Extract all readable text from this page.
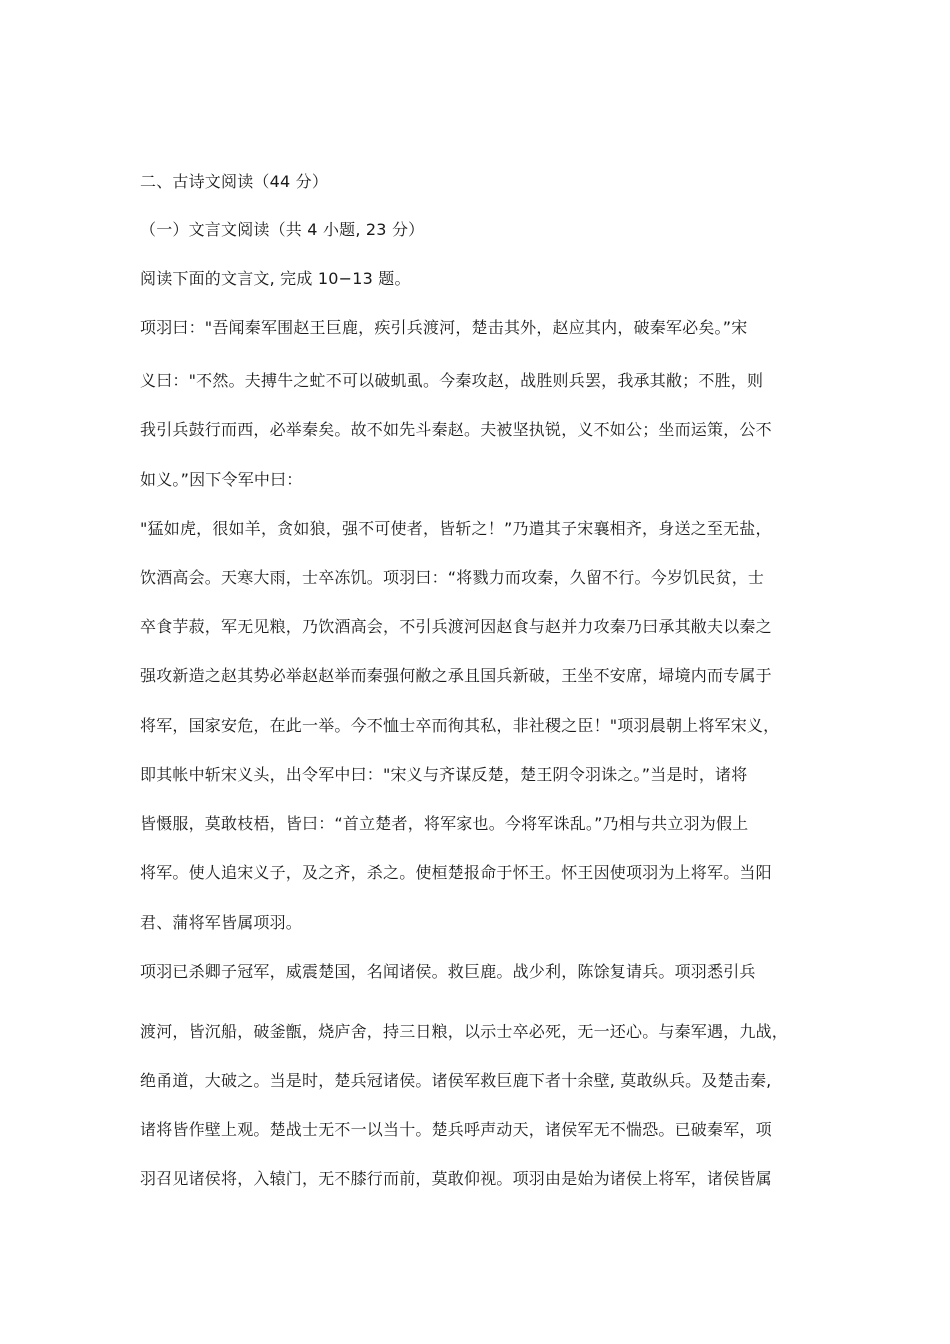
二、古诗文阅读（44 分）
（一）文言文阅读（共 4 小题, 23 分）
阅读下面的文言文, 完成 10−13 题。
项羽曰："吾闻秦军围赵王巨鹿，疾引兵渡河，楚击其外，赵应其内，破秦军必矣。”宋
义曰："不然。夫搏牛之虻不可以破虮虱。今秦攻赵，战胜则兵罢，我承其敝；不胜，则
我引兵鼓行而西，必举秦矣。故不如先斗秦赵。夫被坚执锐，义不如公；坐而运策，公不
如义。”因下令军中曰：
"猛如虎，很如羊，贪如狼，强不可使者，皆斩之！”乃遣其子宋襄相齐，身送之至无盐，
饮酒高会。天寒大雨，士卒冻饥。项羽曰：“将戮力而攻秦，久留不行。今岁饥民贫，士
卒食芋菽，军无见粮，乃饮酒高会，不引兵渡河因赵食与赵并力攻秦乃曰承其敝夫以秦之
强攻新造之赵其势必举赵赵举而秦强何敝之承且国兵新破，王坐不安席，埽境内而专属于
将军，国家安危，在此一举。今不恤士卒而徇其私，非社稷之臣！"项羽晨朝上将军宋义，
即其帐中斩宋义头，出令军中曰："宋义与齐谋反楚，楚王阴令羽诛之。”当是时，诸将
皆慑服，莫敢枝梧，皆曰：“首立楚者，将军家也。今将军诛乱。”乃相与共立羽为假上
将军。使人追宋义子，及之齐，杀之。使桓楚报命于怀王。怀王因使项羽为上将军。当阳
君、蒲将军皆属项羽。
项羽已杀卿子冠军，威震楚国，名闻诸侯。救巨鹿。战少利，陈馀复请兵。项羽悉引兵
渡河，皆沉船，破釜甑，烧庐舍，持三日粮，以示士卒必死，无一还心。与秦军遇，九战，
绝甬道，大破之。当是时，楚兵冠诸侯。诸侯军救巨鹿下者十余壁, 莫敢纵兵。及楚击秦,
诸将皆作壁上观。楚战士无不一以当十。楚兵呼声动天，诸侯军无不惴恐。已破秦军，项
羽召见诸侯将，入辕门，无不膝行而前，莫敢仰视。项羽由是始为诸侯上将军，诸侯皆属
